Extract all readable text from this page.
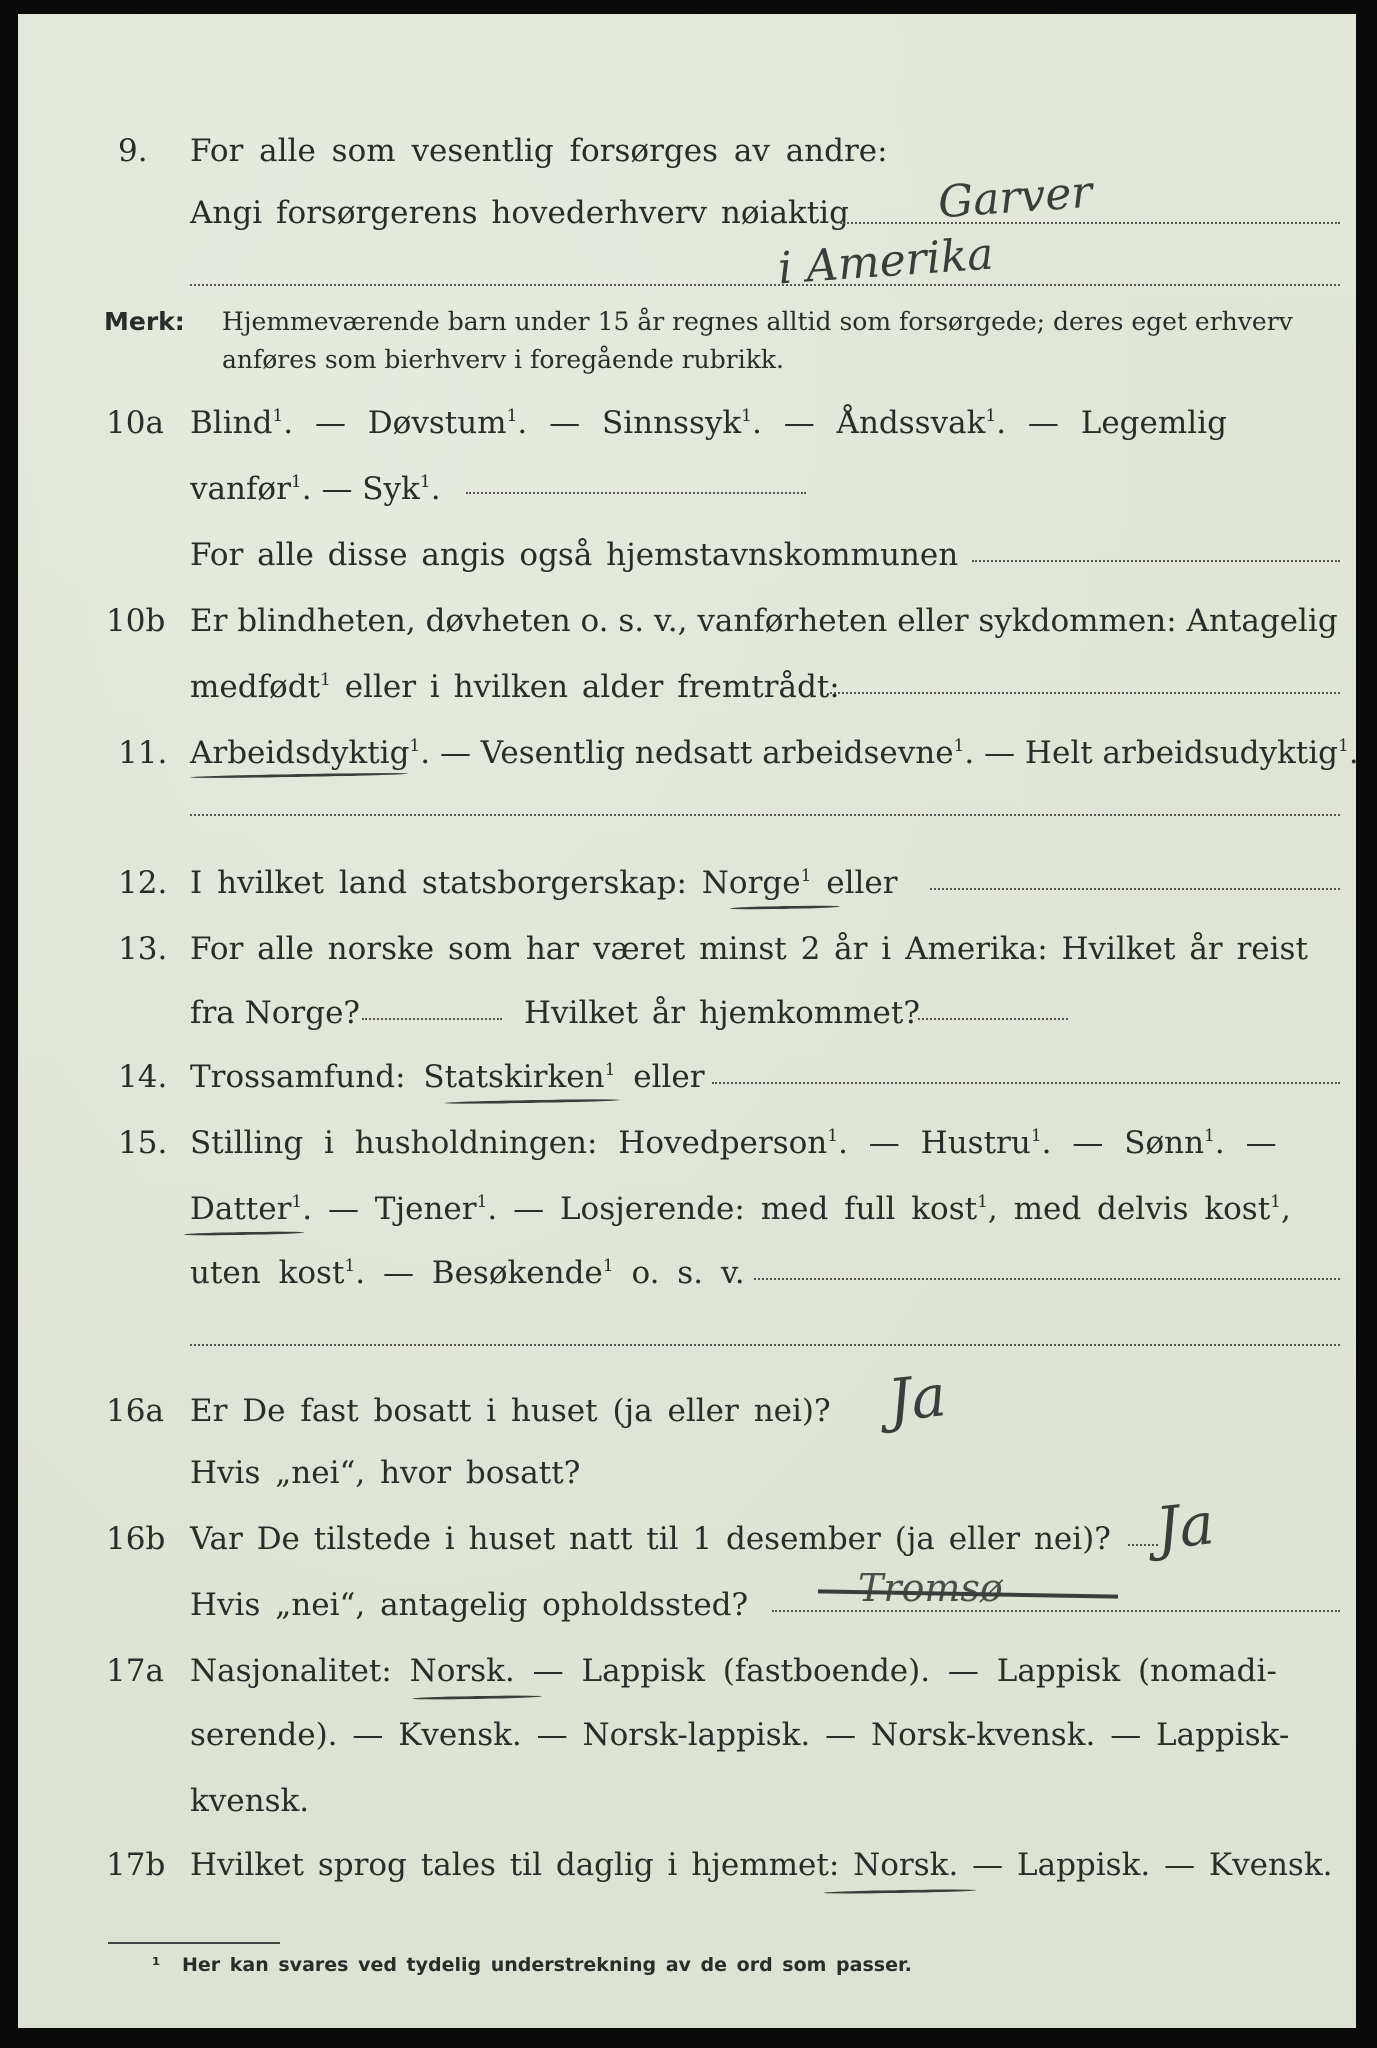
9. For alle som vesentlig forsørges av andre:
Angi forsørgerens hovederhverv nøiaktig Garver
i Amerika
Merk: Hjemmeværende barn under 15 år regnes alltid som forsørgede; deres eget erhverv
anføres som bierhverv i foregående rubrikk.
10a Blind$^1$. — Døvstum$^1$. — Sinnssyk$^1$. — Åndssvak$^1$. — Legemlig
vanfør$^1$. — Syk$^1$.
For alle disse angis også hjemstavnskommunen
10b Er blindheten, døvheten o. s. v., vanførheten eller sykdommen: Antagelig
medfødt$^1$ eller i hvilken alder fremtrådt:
11. Arbeidsdyktig$^1$. — Vesentlig nedsatt arbeidsevne$^1$. — Helt arbeidsudyktig$^1$.
12. I hvilket land statsborgerskap: Norge$^1$ eller
13. For alle norske som har været minst 2 år i Amerika: Hvilket år reist
fra Norge?	Hvilket år hjemkommet?
14. Trossamfund: Statskirken$^1$ eller
15. Stilling i husholdningen: Hovedperson$^1$. — Hustru$^1$. — Sønn$^1$. —
Datter$^1$. — Tjener$^1$. — Losjerende: med full kost$^1$, med delvis kost$^1$,
uten kost$^1$. — Besøkende$^1$ o. s. v.
16a Er De fast bosatt i huset (ja eller nei)? Ja
Hvis „nei“, hvor bosatt?
16b Var De tilstede i huset natt til 1 desember (ja eller nei)? Ja
Hvis „nei“, antagelig opholdssted?	Tromsø
17a Nasjonalitet: Norsk. — Lappisk (fastboende). — Lappisk (nomadi-
serende). — Kvensk. — Norsk-lappisk. — Norsk-kvensk. — Lappisk-
kvensk.
17b Hvilket sprog tales til daglig i hjemmet: Norsk. — Lappisk. — Kvensk.
¹ Her kan svares ved tydelig understrekning av de ord som passer.
